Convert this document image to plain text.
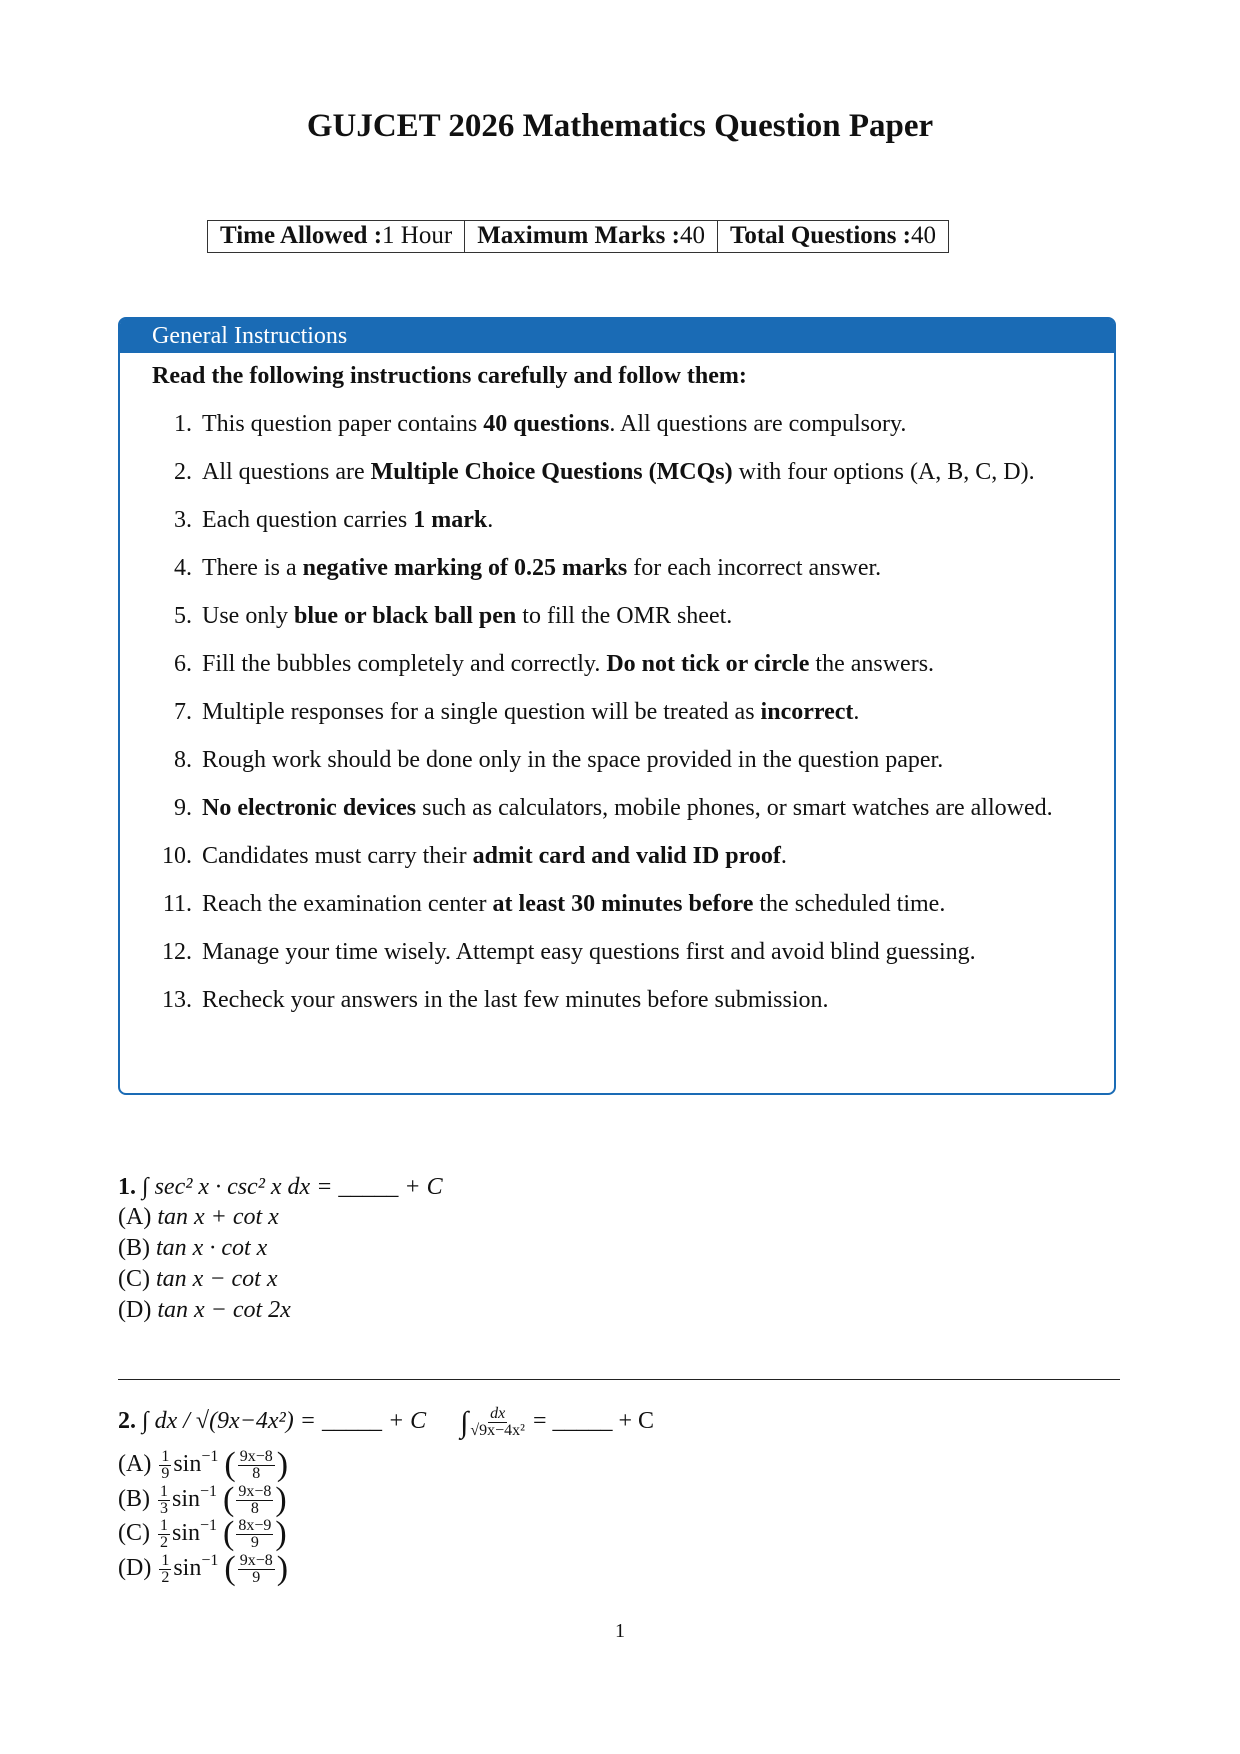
GUJCET 2026 Mathematics Question Paper
Time Allowed :1 Hour	Maximum Marks :40	Total Questions :40
General Instructions
Read the following instructions carefully and follow them:
1. This question paper contains 40 questions. All questions are compulsory.
2. All questions are Multiple Choice Questions (MCQs) with four options (A, B, C, D).
3. Each question carries 1 mark.
4. There is a negative marking of 0.25 marks for each incorrect answer.
5. Use only blue or black ball pen to fill the OMR sheet.
6. Fill the bubbles completely and correctly. Do not tick or circle the answers.
7. Multiple responses for a single question will be treated as incorrect.
8. Rough work should be done only in the space provided in the question paper.
9. No electronic devices such as calculators, mobile phones, or smart watches are allowed.
10. Candidates must carry their admit card and valid ID proof.
11. Reach the examination center at least 30 minutes before the scheduled time.
12. Manage your time wisely. Attempt easy questions first and avoid blind guessing.
13. Recheck your answers in the last few minutes before submission.
1. ∫ sec² x · csc² x dx = _____ + C
(A) tan x + cot x
(B) tan x · cot x
(C) tan x − cot x
(D) tan x − cot 2x
2. ∫ dx / √(9x−4x²) = _____ + C ∫ $\frac{dx}{\text{√9x−4x²}}$ = _____ + C
$(A) \frac{1}{9} \sin^{-1}$ ( $\frac{9x-8}{8}$ )
$(B) \frac{1}{3} \sin^{-1}$ ( $\frac{9x-8}{8}$ )
$(C) \frac{1}{2} \sin^{-1}$ ( $\frac{8x-9}{9}$ )
$(D) \frac{1}{2} \sin^{-1}$ ( $\frac{9x-8}{9}$ )
1
